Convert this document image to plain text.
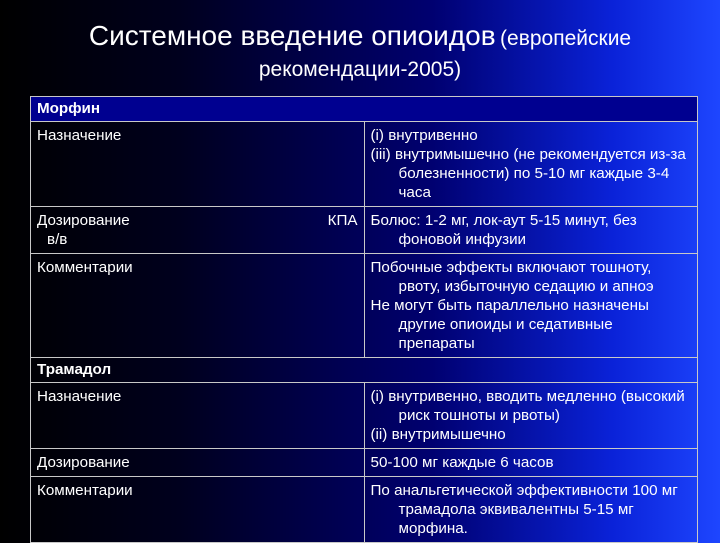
Системное введение опиоидов (европейские
рекомендации-2005)
Морфин	
Назначение	(i) внутривенно

(iii) внутримышечно (не рекомендуется из-за болезненности) по 5-10 мг каждые 3-4 часа

Дозирование КПА
в/в	Болюс: 1-2 мг, лок-аут 5-15 минут, без фоновой инфузии

Комментарии	Побочные эффекты включают тошноту, рвоту, избыточную седацию и апноэ

Не могут быть параллельно назначены другие опиоиды и седативные препараты

Трамадол	
Назначение	(i) внутривенно, вводить медленно (высокий риск тошноты и рвоты)

(ii) внутримышечно

Дозирование	50-100 мг каждые 6 часов

Комментарии	По анальгетической эффективности 100 мг трамадола эквивалентны 5-15 мг морфина.
